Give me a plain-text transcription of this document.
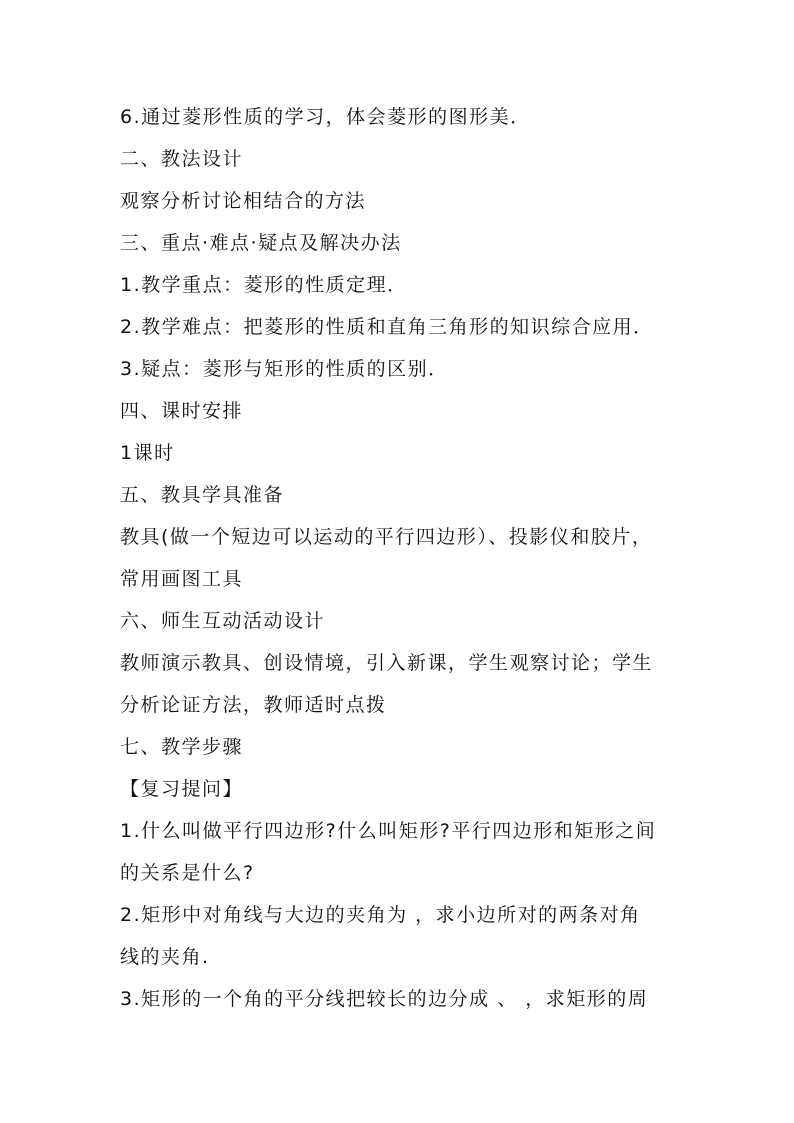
6.通过菱形性质的学习，体会菱形的图形美．
二、教法设计
观察分析讨论相结合的方法
三、重点·难点·疑点及解决办法
1.教学重点：菱形的性质定理．
2.教学难点：把菱形的性质和直角三角形的知识综合应用．
3.疑点：菱形与矩形的性质的区别．
四、课时安排
1课时
五、教具学具准备
教具(做一个短边可以运动的平行四边形）、投影仪和胶片，
常用画图工具
六、师生互动活动设计
教师演示教具、创设情境，引入新课，学生观察讨论；学生
分析论证方法，教师适时点拨
七、教学步骤
【复习提问】
1.什么叫做平行四边形?什么叫矩形?平行四边形和矩形之间
的关系是什么?
2.矩形中对角线与大边的夹角为 ，求小边所对的两条对角
线的夹角.
3.矩形的一个角的平分线把较长的边分成 、 ，求矩形的周
